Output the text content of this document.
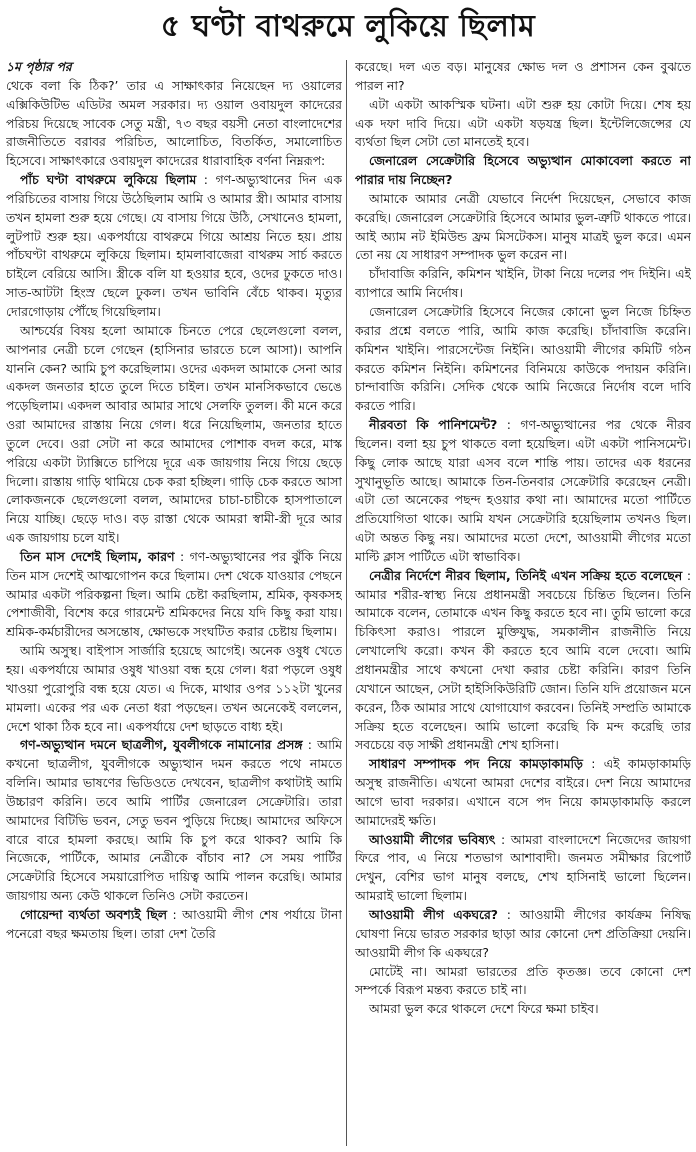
৫ ঘণ্টা বাথরুমে লুকিয়ে ছিলাম

১ম পৃষ্ঠার পর

থেকে বলা কি ঠিক?’ তার এ সাক্ষাৎকার নিয়েছেন দ্য ওয়ালের এক্সিকিউটিভ এডিটর অমল সরকার। দ্য ওয়াল ওবায়দুল কাদেরের পরিচয় দিয়েছে সাবেক সেতু মন্ত্রী, ৭৩ বছর বয়সী নেতা বাংলাদেশের রাজনীতিতে বরাবর পরিচিত, আলোচিত, বিতর্কিত, সমালোচিত হিসেবে। সাক্ষাৎকারে ওবায়দুল কাদেরের ধারাবাহিক বর্ণনা নিম্নরূপ:

পাঁচ ঘণ্টা বাথরুমে লুকিয়ে ছিলাম : গণ-অভ্যুত্থানের দিন এক পরিচিতের বাসায় গিয়ে উঠেছিলাম আমি ও আমার স্ত্রী। আমার বাসায় তখন হামলা শুরু হয়ে গেছে। যে বাসায় গিয়ে উঠি, সেখানেও হামলা, লুটপাট শুরু হয়। একপর্যায়ে বাথরুমে গিয়ে আশ্রয় নিতে হয়। প্রায় পাঁচঘণ্টা বাথরুমে লুকিয়ে ছিলাম। হামলাবাজেরা বাথরুম সার্চ করতে চাইলে বেরিয়ে আসি। স্ত্রীকে বলি যা হওয়ার হবে, ওদের ঢুকতে দাও। সাত-আটটা হিংস্র ছেলে ঢুকল। তখন ভাবিনি বেঁচে থাকব। মৃত্যুর দোরগোড়ায় পৌঁছে গিয়েছিলাম।

আশ্চর্যের বিষয় হলো আমাকে চিনতে পেরে ছেলেগুলো বলল, আপনার নেত্রী চলে গেছেন (হাসিনার ভারতে চলে আসা)। আপনি যাননি কেন? আমি চুপ করেছিলাম। ওদের একদল আমাকে সেনা আর একদল জনতার হাতে তুলে দিতে চাইল। তখন মানসিকভাবে ভেঙে পড়েছিলাম। একদল আবার আমার সাথে সেলফি তুলল। কী মনে করে ওরা আমাদের রাস্তায় নিয়ে গেল। ধরে নিয়েছিলাম, জনতার হাতে তুলে দেবে। ওরা সেটা না করে আমাদের পোশাক বদল করে, মাস্ক পরিয়ে একটা ট্যাক্সিতে চাপিয়ে দূরে এক জায়গায় নিয়ে গিয়ে ছেড়ে দিলো। রাস্তায় গাড়ি থামিয়ে চেক করা হচ্ছিল। গাড়ি চেক করতে আসা লোকজনকে ছেলেগুলো বলল, আমাদের চাচা-চাচীকে হাসপাতালে নিয়ে যাচ্ছি। ছেড়ে দাও। বড় রাস্তা থেকে আমরা স্বামী-স্ত্রী দূরে আর এক জায়গায় চলে যাই।

তিন মাস দেশেই ছিলাম, কারণ : গণ-অভ্যুত্থানের পর ঝুঁকি নিয়ে তিন মাস দেশেই আত্মগোপন করে ছিলাম। দেশ থেকে যাওয়ার পেছনে আমার একটা পরিকল্পনা ছিল। আমি চেষ্টা করছিলাম, শ্রমিক, কৃষকসহ পেশাজীবী, বিশেষ করে গারমেন্ট শ্রমিকদের নিয়ে যদি কিছু করা যায়। শ্রমিক-কর্মচারীদের অসন্তোষ, ক্ষোভকে সংঘটিত করার চেষ্টায় ছিলাম।

আমি অসুস্থ। বাইপাস সার্জারি হয়েছে আগেই। অনেক ওষুধ খেতে হয়। একপর্যায়ে আমার ওষুধ খাওয়া বন্ধ হয়ে গেল। ধরা পড়লে ওষুধ খাওয়া পুরোপুরি বন্ধ হয়ে যেত। এ দিকে, মাথার ওপর ১১২টা খুনের মামলা। একের পর এক নেতা ধরা পড়ছেন। তখন অনেকেই বললেন, দেশে থাকা ঠিক হবে না। একপর্যায়ে দেশ ছাড়তে বাধ্য হই।

গণ-অভ্যুত্থান দমনে ছাত্রলীগ, যুবলীগকে নামানোর প্রসঙ্গ : আমি কখনো ছাত্রলীগ, যুবলীগকে অভ্যুত্থান দমন করতে পথে নামতে বলিনি। আমার ভাষণের ভিডিওতে দেখবেন, ছাত্রলীগ কথাটাই আমি উচ্চারণ করিনি। তবে আমি পার্টির জেনারেল সেক্রেটারি। তারা আমাদের বিটিভি ভবন, সেতু ভবন পুড়িয়ে দিচ্ছে। আমাদের অফিসে বারে বারে হামলা করছে। আমি কি চুপ করে থাকব? আমি কি নিজেকে, পার্টিকে, আমার নেত্রীকে বাঁচাব না? সে সময় পার্টির সেক্রেটারি হিসেবে সময়ারোপিত দায়িত্ব আমি পালন করেছি। আমার জায়গায় অন্য কেউ থাকলে তিনিও সেটা করতেন।

গোয়েন্দা ব্যর্থতা অবশ্যই ছিল : আওয়ামী লীগ শেষ পর্যায়ে টানা পনেরো বছর ক্ষমতায় ছিল। তারা দেশ তৈরি

করেছে। দল এত বড়। মানুষের ক্ষোভ দল ও প্রশাসন কেন বুঝতে পারল না?

এটা একটা আকস্মিক ঘটনা। এটা শুরু হয় কোটা দিয়ে। শেষ হয় এক দফা দাবি দিয়ে। এটা একটা ষড়যন্ত্র ছিল। ইন্টেলিজেন্সের যে ব্যর্থতা ছিল সেটা তো মানতেই হবে।

জেনারেল সেক্রেটারি হিসেবে অভ্যুত্থান মোকাবেলা করতে না পারার দায় নিচ্ছেন?

আমাকে আমার নেত্রী যেভাবে নির্দেশ দিয়েছেন, সেভাবে কাজ করেছি। জেনারেল সেক্রেটারি হিসেবে আমার ভুল-ত্রুটি থাকতে পারে। আই অ্যাম নট ইমিউন্ড ফ্রম মিসটেকস। মানুষ মাত্রই ভুল করে। এমন তো নয় যে সাধারণ সম্পাদক ভুল করেন না।

চাঁদাবাজি করিনি, কমিশন খাইনি, টাকা নিয়ে দলের পদ দিইনি। এই ব্যাপারে আমি নির্দোষ।

জেনারেল সেক্রেটারি হিসেবে নিজের কোনো ভুল নিজে চিহ্নিত করার প্রশ্নে বলতে পারি, আমি কাজ করেছি। চাঁদাবাজি করেনি। কমিশন খাইনি। পারসেন্টেজ নিইনি। আওয়ামী লীগের কমিটি গঠন করতে কমিশন নিইনি। কমিশনের বিনিময়ে কাউকে পদায়ন করিনি। চান্দাবাজি করিনি। সেদিক থেকে আমি নিজেরে নির্দোষ বলে দাবি করতে পারি।

নীরবতা কি পানিশমেন্ট? : গণ-অভ্যুত্থানের পর থেকে নীরব ছিলেন। বলা হয় চুপ থাকতে বলা হয়েছিল। এটা একটা পানিসমেন্ট। কিছু লোক আছে যারা এসব বলে শান্তি পায়। তাদের এক ধরনের সুখানুভূতি আছে। আমাকে তিন-তিনবার সেক্রেটারি করেছেন নেত্রী। এটা তো অনেকের পছন্দ হওয়ার কথা না। আমাদের মতো পার্টিতে প্রতিযোগিতা থাকে। আমি যখন সেক্রেটারি হয়েছিলাম তখনও ছিল। এটা অন্তত কিছু নয়। আমাদের মতো দেশে, আওয়ামী লীগের মতো মাল্টি ক্লাস পার্টিতে এটা স্বাভাবিক।

নেত্রীর নির্দেশে নীরব ছিলাম, তিনিই এখন সক্রিয় হতে বলেছেন : আমার শরীর-স্বাস্থ্য নিয়ে প্রধানমন্ত্রী সবচেয়ে চিন্তিত ছিলেন। তিনি আমাকে বলেন, তোমাকে এখন কিছু করতে হবে না। তুমি ভালো করে চিকিৎসা করাও। পারলে মুক্তিযুদ্ধ, সমকালীন রাজনীতি নিয়ে লেখালেখি করো। কখন কী করতে হবে আমি বলে দেবো। আমি প্রধানমন্ত্রীর সাথে কখনো দেখা করার চেষ্টা করিনি। কারণ তিনি যেখানে আছেন, সেটা হাইসিকিউরিটি জোন। তিনি যদি প্রয়োজন মনে করেন, ঠিক আমার সাথে যোগাযোগ করবেন। তিনিই সম্প্রতি আমাকে সক্রিয় হতে বলেছেন। আমি ভালো করেছি কি মন্দ করেছি তার সবচেয়ে বড় সাক্ষী প্রধানমন্ত্রী শেখ হাসিনা।

সাধারণ সম্পাদক পদ নিয়ে কামড়াকামড়ি : এই কামড়াকামড়ি অসুস্থ রাজনীতি। এখনো আমরা দেশের বাইরে। দেশ নিয়ে আমাদের আগে ভাবা দরকার। এখানে বসে পদ নিয়ে কামড়াকামড়ি করলে আমাদেরই ক্ষতি।

আওয়ামী লীগের ভবিষ্যৎ : আমরা বাংলাদেশে নিজেদের জায়গা ফিরে পাব, এ নিয়ে শতভাগ আশাবাদী। জনমত সমীক্ষার রিপোর্ট দেখুন, বেশির ভাগ মানুষ বলছে, শেখ হাসিনাই ভালো ছিলেন। আমরাই ভালো ছিলাম।

আওয়ামী লীগ একঘরে? : আওয়ামী লীগের কার্যক্রম নিষিদ্ধ ঘোষণা নিয়ে ভারত সরকার ছাড়া আর কোনো দেশ প্রতিক্রিয়া দেয়নি। আওয়ামী লীগ কি একঘরে?

মোটেই না। আমরা ভারতের প্রতি কৃতজ্ঞ। তবে কোনো দেশ সম্পর্কে বিরূপ মন্তব্য করতে চাই না।

আমরা ভুল করে থাকলে দেশে ফিরে ক্ষমা চাইব।
